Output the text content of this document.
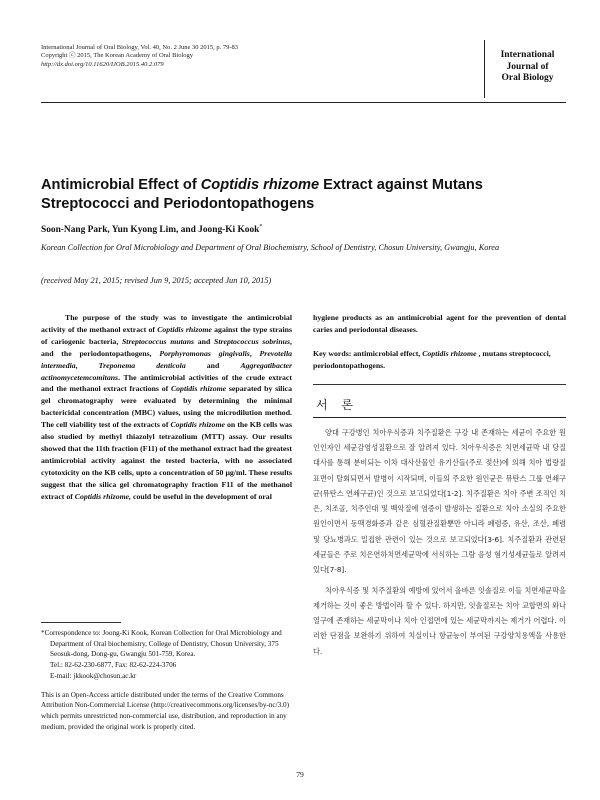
International Journal of Oral Biology, Vol. 40, No. 2 June 30 2015, p. 79-83
Copyright ⓒ 2015, The Korean Academy of Oral Biology
http://dx.doi.org/10.11620/IJOB.2015.40.2.079
International
Journal of
Oral Biology
Antimicrobial Effect of Coptidis rhizome Extract against Mutans Streptococci and Periodontopathogens
Soon-Nang Park, Yun Kyong Lim, and Joong-Ki Kook*
Korean Collection for Oral Microbiology and Department of Oral Biochemistry, School of Dentistry, Chosun University, Gwangju, Korea
(received May 21, 2015; revised Jun 9, 2015; accepted Jun 10, 2015)

The purpose of the study was to investigate the antimicrobial activity of the methanol extract of Coptidis rhizome against the type strains of cariogenic bacteria, Streptococcus mutans and Streptococcus sobrinus, and the periodontopathogens, Porphyromonas gingivalis, Prevotella intermedia, Treponema denticola and Aggregatibacter actinomycetemcomitans. The antimicrobial activities of the crude extract and the methanol extract fractions of Coptidis rhizome separated by silica gel chromatography were evaluated by determining the minimal bactericidal concentration (MBC) values, using the microdilution method. The cell viability test of the extracts of Coptidis rhizome on the KB cells was also studied by methyl thiazolyl tetrazolium (MTT) assay. Our results showed that the 11th fraction (F11) of the methanol extract had the greatest antimicrobial activity against the tested bacteria, with no associated cytotoxicity on the KB cells, upto a concentration of 50 μg/ml. These results suggest that the silica gel chromatography fraction F11 of the methanol extract of Coptidis rhizome, could be useful in the development of oral

hygiene products as an antimicrobial agent for the prevention of dental caries and periodontal diseases.

Key words: antimicrobial effect, Coptidis rhizome , mutans streptococci, periodontopathogens.

서 론

양대 구강병인 치아우식증과 치주질환은 구강 내 존재하는 세균이 주요한 원인인자인 세균감염성질환으로 잘 알려져 있다. 치아우식증은 치면세균막 내 당질대사를 통해 분비되는 이차 대사산물인 유기산들(주로 젖산)에 의해 치아 법랑질 표면이 탈회되면서 발병이 시작되며, 이들의 주요한 원인균은 뮤탄스 그룹 연쇄구균(뮤탄스 연쇄구균)인 것으로 보고되었다[1-2]. 치주질환은 치아 주변 조직인 치은, 치조골, 치주인대 및 백악질에 염증이 발생하는 질환으로 치아 소실의 주요한 원인이면서 동맥경화증과 같은 심혈관질환뿐만 아니라 폐렴증, 유산, 조산, 폐렴 및 당뇨병과도 밀접한 관련이 있는 것으로 보고되었다[3-6]. 치주질환과 관련된 세균들은 주로 치은연하치면세균막에 서식하는 그람 음성 혐기성세균들로 알려져 있다[7-8].

치아우식증 및 치주질환의 예방에 있어서 올바른 잇솔질로 이들 치면세균막을 제거하는 것이 좋은 방법이라 할 수 있다. 하지만, 잇솔질로는 치아 교합면의 와나 열구에 존재하는 세균막이나 치아 인접면에 있는 세균막까지는 제거가 어렵다. 이러한 단점을 보완하기 위하여 치실이나 항균능이 부여된 구강양치용액을 사용한다.

*Correspondence to: Joong-Ki Kook, Korean Collection for Oral Microbiology and Department of Oral biochemistry, College of Dentistry, Chosun University, 375 Seosuk-dong, Dong-gu, Gwangju 501-759, Korea.

Tel.: 82-62-230-6877, Fax: 82-62-224-3706

E-mail: jkkook@chosun.ac.kr

This is an Open-Access article distributed under the terms of the Creative Commons Attribution Non-Commercial License (http://creativecommons.org/licenses/by-nc/3.0) which permits unrestricted non-commercial use, distribution, and reproduction in any medium, provided the original work is properly cited.

79
